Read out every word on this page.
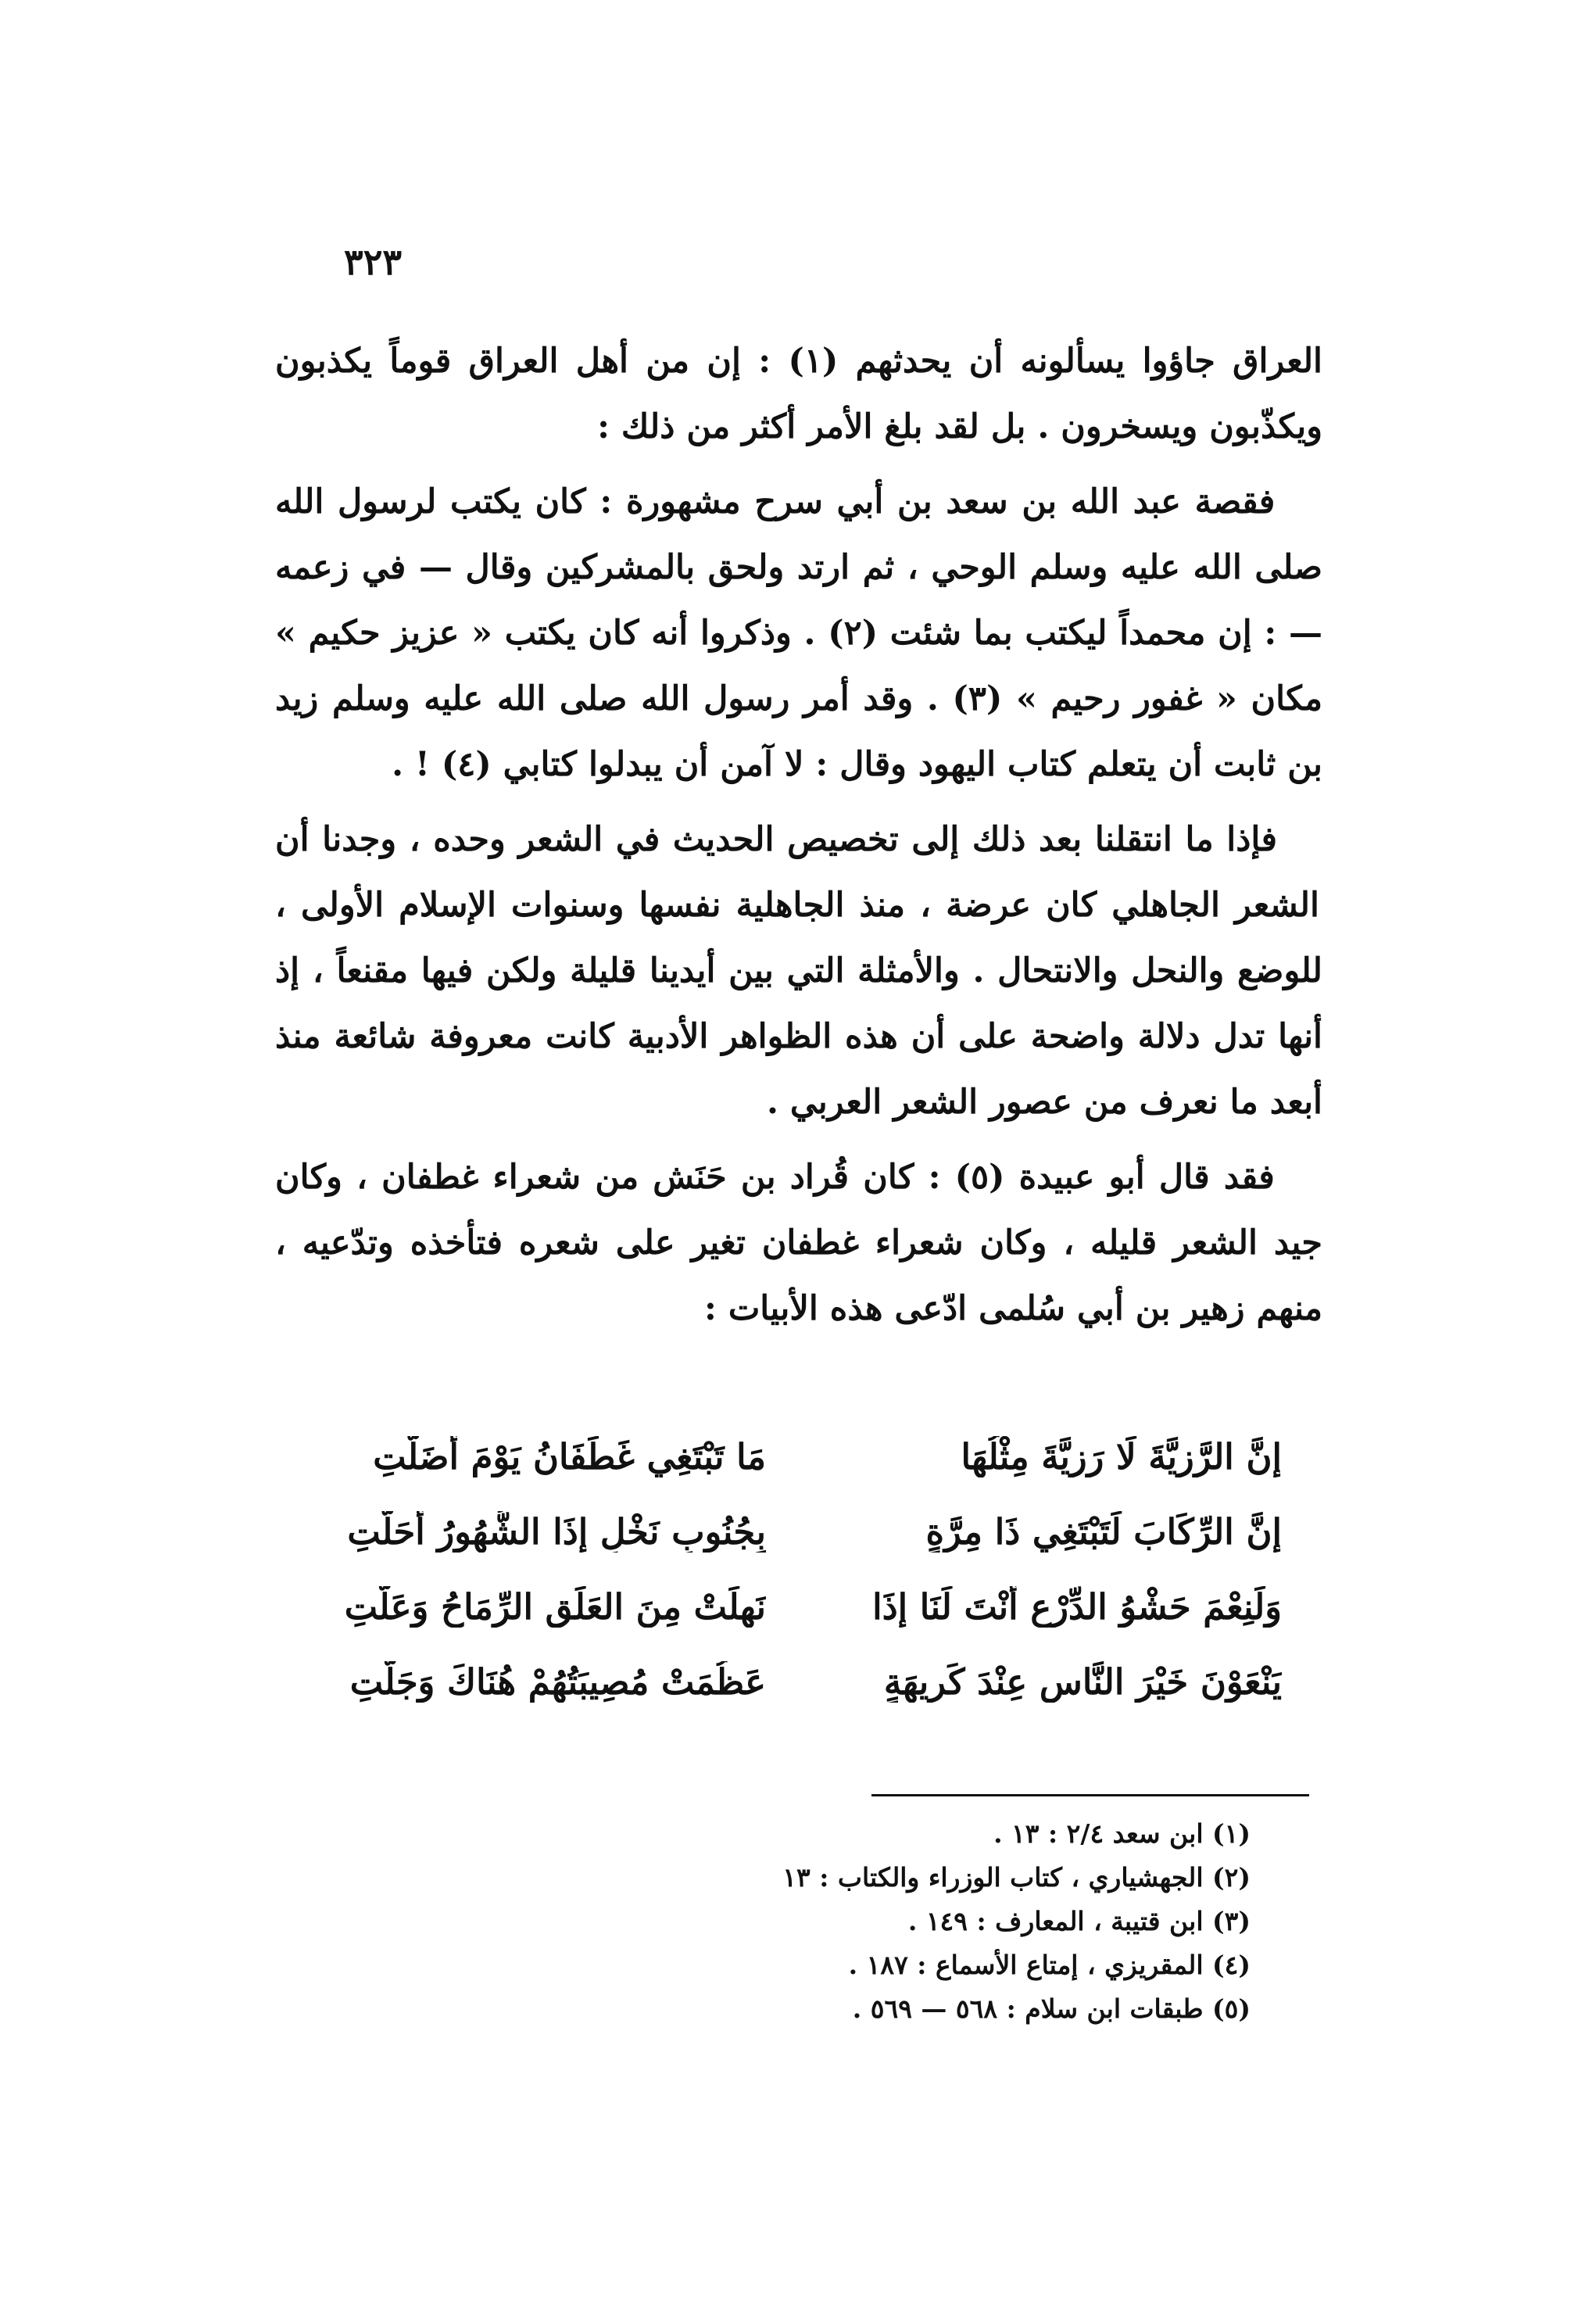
٣٢٣

العراق جاؤوا يسألونه أن يحدثهم (١) : إن من أهل العراق قوماً يكذبون ويكذّبون ويسخرون . بل لقد بلغ الأمر أكثر من ذلك :

فقصة عبد الله بن سعد بن أبي سرح مشهورة : كان يكتب لرسول الله صلى الله عليه وسلم الوحي ، ثم ارتد ولحق بالمشركين وقال — في زعمه — : إن محمداً ليكتب بما شئت (٢) . وذكروا أنه كان يكتب « عزيز حكيم » مكان « غفور رحيم » (٣) . وقد أمر رسول الله صلى الله عليه وسلم زيد بن ثابت أن يتعلم كتاب اليهود وقال : لا آمن أن يبدلوا كتابي (٤) ! .

فإذا ما انتقلنا بعد ذلك إلى تخصيص الحديث في الشعر وحده ، وجدنا أن الشعر الجاهلي كان عرضة ، منذ الجاهلية نفسها وسنوات الإسلام الأولى ، للوضع والنحل والانتحال . والأمثلة التي بين أيدينا قليلة ولكن فيها مقنعاً ، إذ أنها تدل دلالة واضحة على أن هذه الظواهر الأدبية كانت معروفة شائعة منذ أبعد ما نعرف من عصور الشعر العربي .

فقد قال أبو عبيدة (٥) : كان قُراد بن حَنَش من شعراء غطفان ، وكان جيد الشعر قليله ، وكان شعراء غطفان تغير على شعره فتأخذه وتدّعيه ، منهم زهير بن أبي سُلمى ادّعى هذه الأبيات :

إنَّ الرَّزِيَّةَ لَا رَزِيَّةَ مِثْلُهَا
مَا تَبْتَغِي غَطَفَانُ يَوْمَ أَضَلَّتِ
إنَّ الرِّكَابَ لَتَبْتَغِي ذَا مِرَّةٍ
بِجُنُوبِ نَخْلٍ إذَا الشُّهُورُ أَحَلَّتِ
وَلَنِعْمَ حَشْوُ الدِّرْعِ أَنْتَ لَنَا إذَا
نَهِلَتْ مِنَ العَلَقِ الرِّمَاحُ وَعَلَّتِ
يَنْعَوْنَ خَيْرَ النَّاسِ عِنْدَ كَرِيهَةٍ
عَظُمَتْ مُصِيبَتُهُمْ هُنَاكَ وَجَلَّتِ
(١) ابن سعد ٢/٤ : ١٣ .
(٢) الجهشياري ، كتاب الوزراء والكتاب : ١٣
(٣) ابن قتيبة ، المعارف : ١٤٩ .
(٤) المقريزي ، إمتاع الأسماع : ١٨٧ .
(٥) طبقات ابن سلام : ٥٦٨ — ٥٦٩ .
